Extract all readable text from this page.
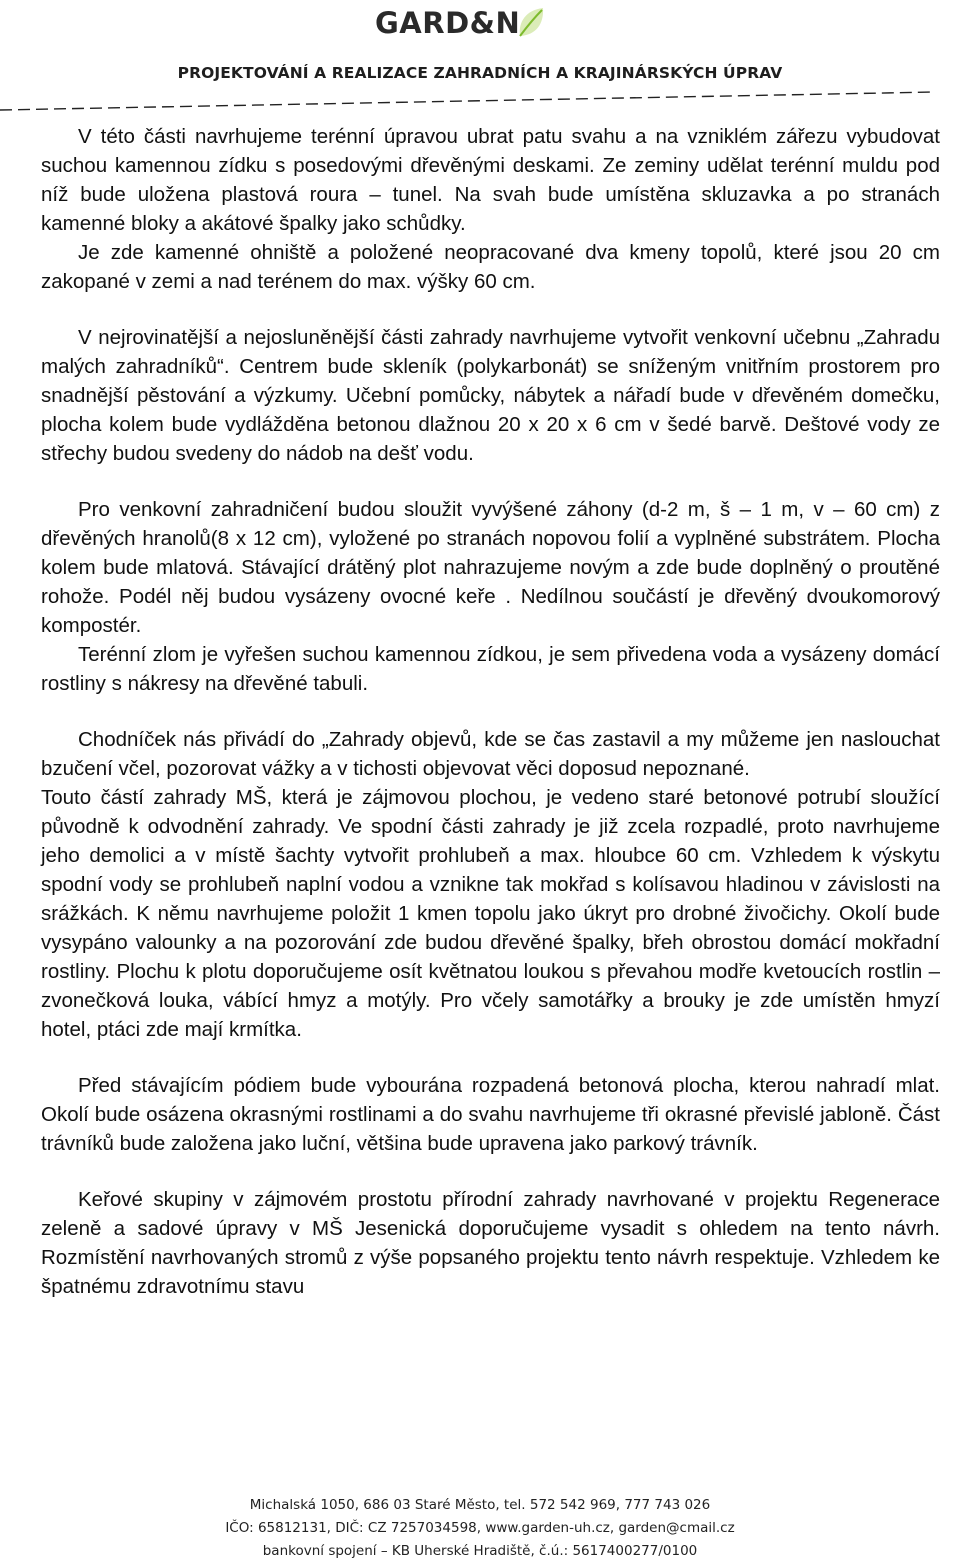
GARD&N
PROJEKTOVÁNÍ A REALIZACE ZAHRADNÍCH A KRAJINÁRSKÝCH ÚPRAV

V této části navrhujeme terénní úpravou ubrat patu svahu a na vzniklém zářezu vybudovat suchou kamennou zídku s posedovými dřevěnými deskami. Ze zeminy udělat terénní muldu pod níž bude uložena plastová roura – tunel. Na svah bude umístěna skluzavka a po stranách kamenné bloky a akátové špalky jako schůdky.

Je zde kamenné ohniště a položené neopracované dva kmeny topolů, které jsou 20 cm zakopané v zemi a nad terénem do max. výšky 60 cm.

V nejrovinatější a nejosluněnější části zahrady navrhujeme vytvořit venkovní učebnu „Zahradu malých zahradníků“. Centrem bude skleník (polykarbonát) se sníženým vnitřním prostorem pro snadnější pěstování a výzkumy. Učební pomůcky, nábytek a nářadí bude v dřevěném domečku, plocha kolem bude vydlážděna betonou dlažnou 20 x 20 x 6 cm v šedé barvě. Deštové vody ze střechy budou svedeny do nádob na dešť vodu.

Pro venkovní zahradničení budou sloužit vyvýšené záhony (d-2 m, š – 1 m, v – 60 cm) z dřevěných hranolů(8 x 12 cm), vyložené po stranách nopovou folií a vyplněné substrátem. Plocha kolem bude mlatová. Stávající drátěný plot nahrazujeme novým a zde bude doplněný o proutěné rohože. Podél něj budou vysázeny ovocné keře . Nedílnou součástí je dřevěný dvoukomorový kompostér.

Terénní zlom je vyřešen suchou kamennou zídkou, je sem přivedena voda a vysázeny domácí rostliny s nákresy na dřevěné tabuli.

Chodníček nás přivádí do „Zahrady objevů, kde se čas zastavil a my můžeme jen naslouchat bzučení včel, pozorovat vážky a v tichosti objevovat věci doposud nepoznané.

Touto částí zahrady MŠ, která je zájmovou plochou, je vedeno staré betonové potrubí sloužící původně k odvodnění zahrady. Ve spodní části zahrady je již zcela rozpadlé, proto navrhujeme jeho demolici a v místě šachty vytvořit prohlubeň a max. hloubce 60 cm. Vzhledem k výskytu spodní vody se prohlubeň naplní vodou a vznikne tak mokřad s kolísavou hladinou v závislosti na srážkách. K němu navrhujeme položit 1 kmen topolu jako úkryt pro drobné živočichy. Okolí bude vysypáno valounky a na pozorování zde budou dřevěné špalky, břeh obrostou domácí mokřadní rostliny. Plochu k plotu doporučujeme osít květnatou loukou s převahou modře kvetoucích rostlin – zvonečková louka, vábící hmyz a motýly. Pro včely samotářky a brouky je zde umístěn hmyzí hotel, ptáci zde mají krmítka.

Před stávajícím pódiem bude vybourána rozpadená betonová plocha, kterou nahradí mlat. Okolí bude osázena okrasnými rostlinami a do svahu navrhujeme tři okrasné převislé jabloně. Část trávníků bude založena jako luční, většina bude upravena jako parkový trávník.

Keřové skupiny v zájmovém prostotu přírodní zahrady navrhované v projektu Regenerace zeleně a sadové úpravy v MŠ Jesenická doporučujeme vysadit s ohledem na tento návrh. Rozmístění navrhovaných stromů z výše popsaného projektu tento návrh respektuje. Vzhledem ke špatnému zdravotnímu stavu

Michalská 1050, 686 03 Staré Město, tel. 572 542 969, 777 743 026
IČO: 65812131, DIČ: CZ 7257034598, www.garden-uh.cz, garden@cmail.cz
bankovní spojení – KB Uherské Hradiště, č.ú.: 5617400277/0100
